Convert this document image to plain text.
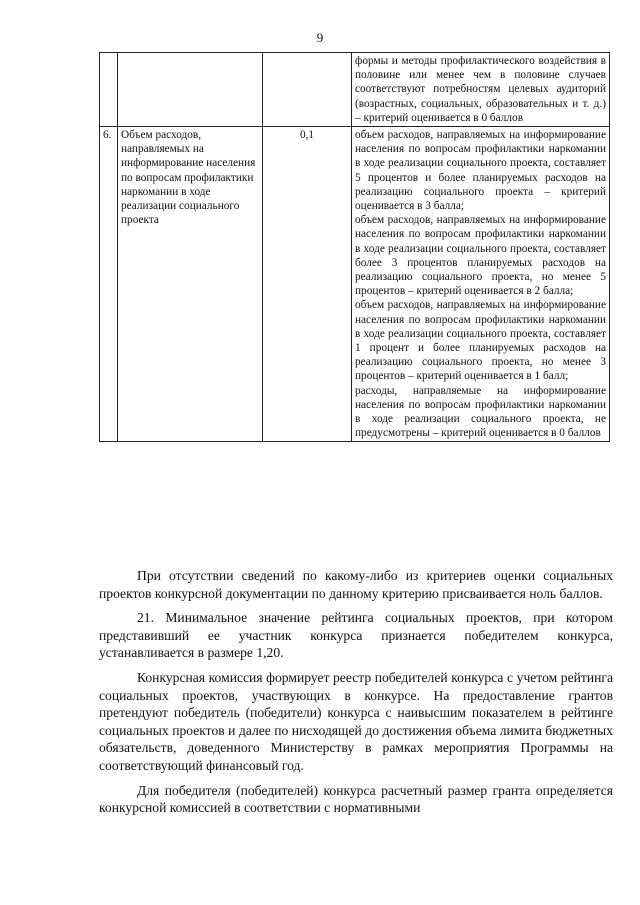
9

			формы и методы профилактического воздействия в половине или менее чем в половине случаев соответствуют потребностям целевых аудиторий (возрастных, социальных, образовательных и т. д.) – критерий оценивается в 0 баллов

6.	Объем расходов, направляемых на информирование населения по вопросам профилактики наркомании в ходе реализации социального проекта	0,1	объем расходов, направляемых на информирование населения по вопросам профилактики наркомании в ходе реализации социального проекта, составляет 5 процентов и более планируемых расходов на реализацию социального проекта – критерий оценивается в 3 балла;
объем расходов, направляемых на информирование населения по вопросам профилактики наркомании в ходе реализации социального проекта, составляет более 3 процентов планируемых расходов на реализацию социального проекта, но менее 5 процентов – критерий оценивается в 2 балла;
объем расходов, направляемых на информирование населения по вопросам профилактики наркомании в ходе реализации социального проекта, составляет 1 процент и более планируемых расходов на реализацию социального проекта, но менее 3 процентов – критерий оценивается в 1 балл;
расходы, направляемые на информирование населения по вопросам профилактики наркомании в ходе реализации социального проекта, не предусмотрены – критерий оценивается в 0 баллов

При отсутствии сведений по какому-либо из критериев оценки социальных проектов конкурсной документации по данному критерию присваивается ноль баллов.

21. Минимальное значение рейтинга социальных проектов, при котором представивший ее участник конкурса признается победителем конкурса, устанавливается в размере 1,20.

Конкурсная комиссия формирует реестр победителей конкурса с учетом рейтинга социальных проектов, участвующих в конкурсе. На предоставление грантов претендуют победитель (победители) конкурса с наивысшим показателем в рейтинге социальных проектов и далее по нисходящей до достижения объема лимита бюджетных обязательств, доведенного Министерству в рамках мероприятия Программы на соответствующий финансовый год.

Для победителя (победителей) конкурса расчетный размер гранта определяется конкурсной комиссией в соответствии с нормативными
